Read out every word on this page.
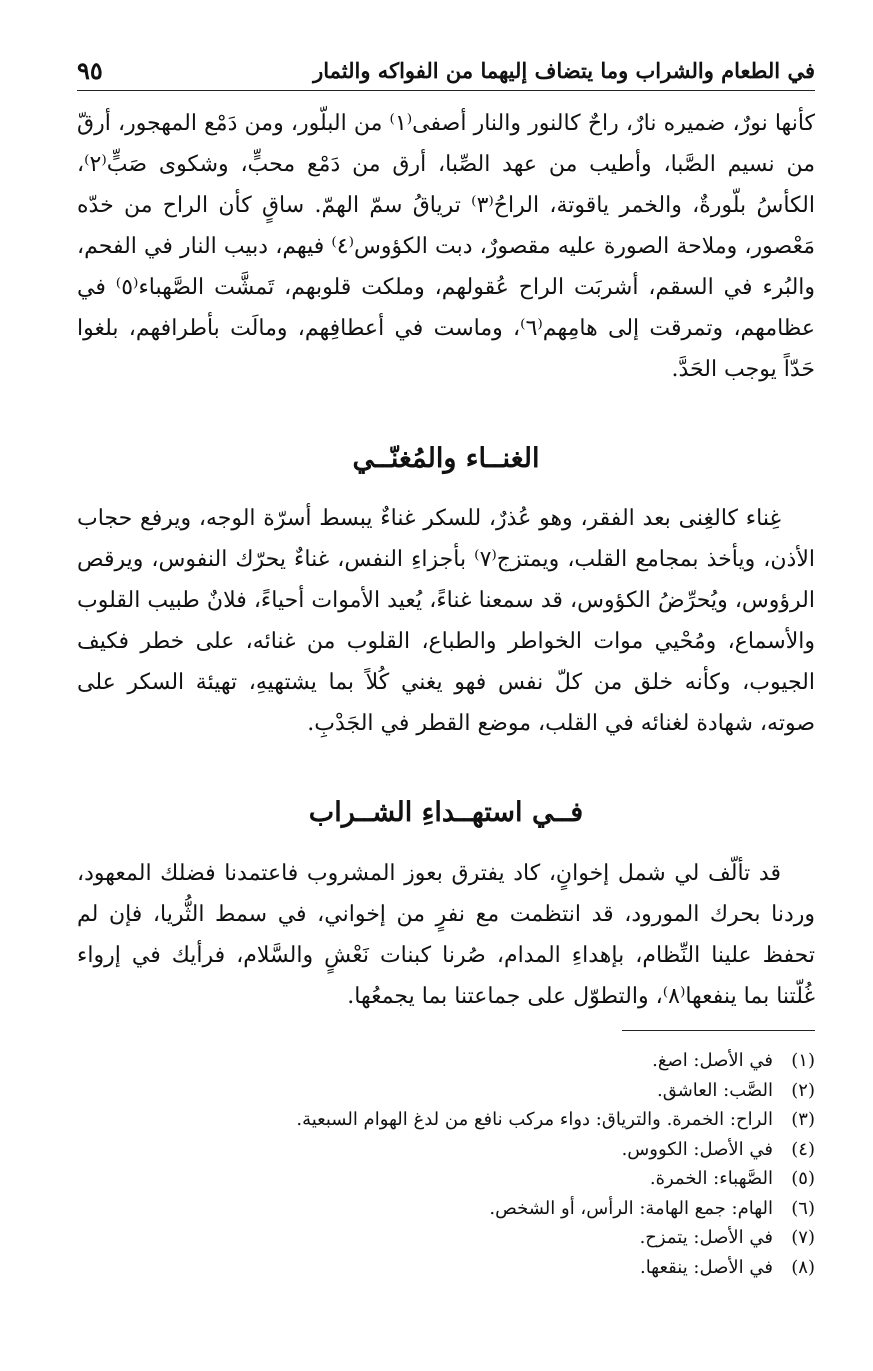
في الطعام والشراب وما يتضاف إليهما من الفواكه والثمار
٩٥

كأنها نورٌ، ضميره نارٌ، راحٌ كالنور والنار أصفى⁽١⁾ من البلّور، ومن دَمْع المهجور، أرقّ من نسيم الصَّبا، وأطيب من عهد الصِّبا، أرق من دَمْع محبٍّ، وشكوى صَبٍّ⁽٢⁾، الكأسُ بلّورةٌ، والخمر ياقوتة، الراحُ⁽٣⁾ ترياقُ سمّ الهمّ. ساقٍ كأن الراح من خدّه مَعْصور، وملاحة الصورة عليه مقصورٌ، دبت الكؤوس⁽٤⁾ فيهم، دبيب النار في الفحم، والبُرء في السقم، أشربَت الراح عُقولهم، وملكت قلوبهم، تَمشَّت الصَّهباء⁽٥⁾ في عظامهم، وتمرقت إلى هامِهم⁽٦⁾، وماست في أعطافِهم، ومالَت بأطرافهم، بلغوا حَدّاً يوجب الحَدَّ.

الغنــاء والمُغنّــي

غِناء كالغِنى بعد الفقر، وهو عُذرٌ، للسكر غناءٌ يبسط أسرّة الوجه، ويرفع حجاب الأذن، ويأخذ بمجامع القلب، ويمتزج⁽٧⁾ بأجزاءِ النفس، غناءٌ يحرّك النفوس، ويرقص الرؤوس، ويُحرِّضُ الكؤوس، قد سمعنا غناءً، يُعيد الأموات أحياءً، فلانٌ طبيب القلوب والأسماع، ومُحْيي موات الخواطر والطباع، القلوب من غنائه، على خطر فكيف الجيوب، وكأنه خلق من كلّ نفس فهو يغني كُلاً بما يشتهيهِ، تهيئة السكر على صوته، شهادة لغنائه في القلب، موضع القطر في الجَدْبِ.

فــي استهــداءِ الشــراب

قد تألّف لي شمل إخوانٍ، كاد يفترق بعوز المشروب فاعتمدنا فضلك المعهود، وردنا بحرك المورود، قد انتظمت مع نفرٍ من إخواني، في سمط الثُّريا، فإن لم تحفظ علينا النِّظام، بإهداءِ المدام، صُرنا كبنات نَعْشٍ والسَّلام، فرأيك في إرواء غُلّتنا بما ينفعها⁽٨⁾، والتطوّل على جماعتنا بما يجمعُها.

(١)
في الأصل: اصغ.
(٢)
الصَّب: العاشق.
(٣)
الراح: الخمرة. والترياق: دواء مركب نافع من لدغ الهوام السبعية.
(٤)
في الأصل: الكووس.
(٥)
الصَّهباء: الخمرة.
(٦)
الهام: جمع الهامة: الرأس، أو الشخص.
(٧)
في الأصل: يتمزح.
(٨)
في الأصل: ينقعها.
